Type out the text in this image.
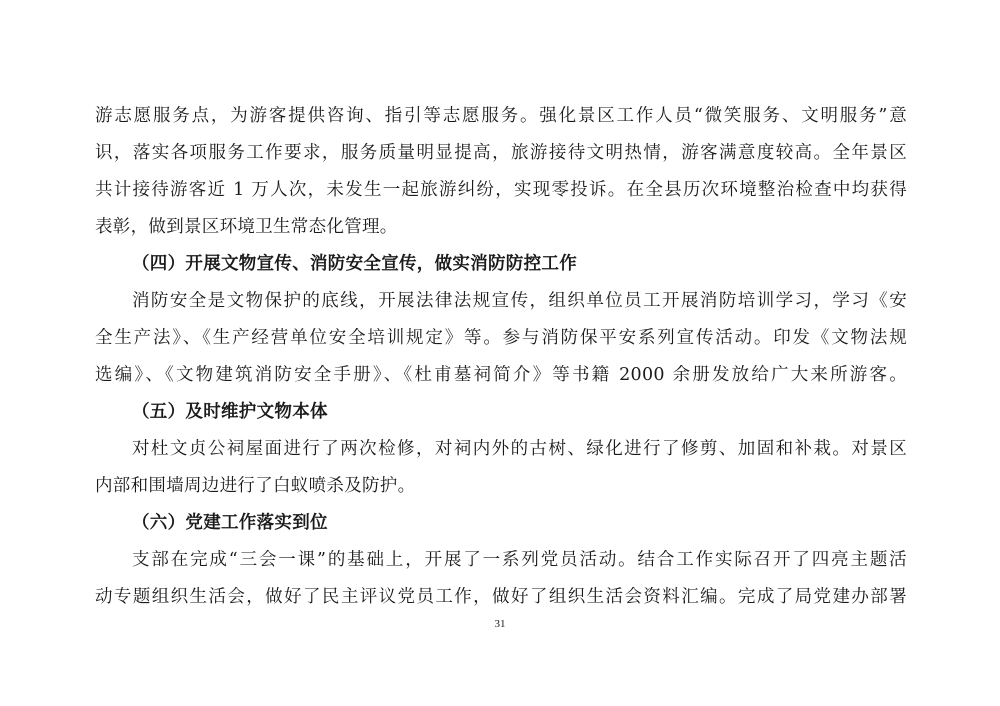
游志愿服务点，为游客提供咨询、指引等志愿服务。强化景区工作人员“微笑服务、文明服务”意
识，落实各项服务工作要求，服务质量明显提高，旅游接待文明热情，游客满意度较高。全年景区
共计接待游客近 1 万人次，未发生一起旅游纠纷，实现零投诉。在全县历次环境整治检查中均获得
表彰，做到景区环境卫生常态化管理。
（四）开展文物宣传、消防安全宣传，做实消防防控工作
消防安全是文物保护的底线，开展法律法规宣传，组织单位员工开展消防培训学习，学习《安
全生产法》、《生产经营单位安全培训规定》等。参与消防保平安系列宣传活动。印发《文物法规
选编》、《文物建筑消防安全手册》、《杜甫墓祠简介》等书籍 2000 余册发放给广大来所游客。
（五）及时维护文物本体
对杜文贞公祠屋面进行了两次检修，对祠内外的古树、绿化进行了修剪、加固和补栽。对景区
内部和围墙周边进行了白蚁喷杀及防护。
（六）党建工作落实到位
支部在完成“三会一课”的基础上，开展了一系列党员活动。结合工作实际召开了四亮主题活
动专题组织生活会，做好了民主评议党员工作，做好了组织生活会资料汇编。完成了局党建办部署
31
